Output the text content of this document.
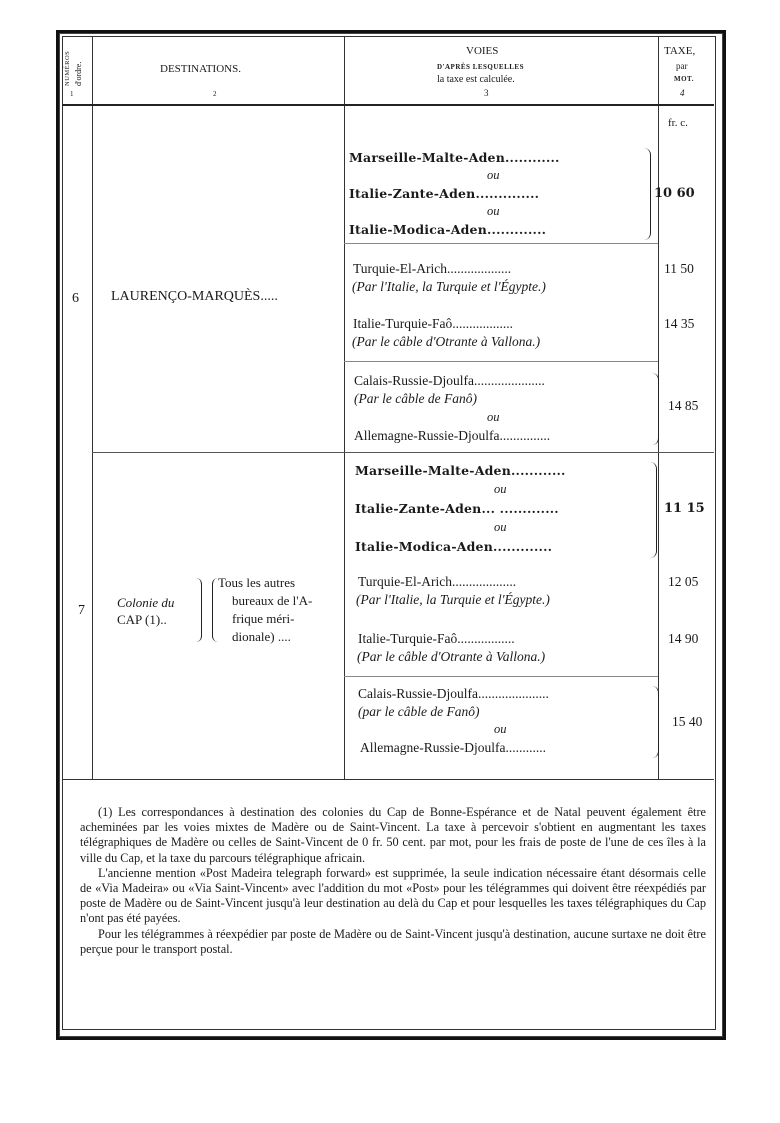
NUMÉROS d'ordre.
1
DESTINATIONS.
2
VOIES
D'APRÈS LESQUELLES
la taxe est calculée.
3
TAXE,
par
MOT.
4
fr. c.
6 LAURENÇO-MARQUÈS.....
Marseille-Malte-Aden............
ou
Italie-Zante-Aden..............
ou
Italie-Modica-Aden.............
10 60
Turquie-El-Arich...................
(Par l'Italie, la Turquie et l'Égypte.)
11 50
Italie-Turquie-Faô..................
(Par le câble d'Otrante à Vallona.)
14 35
Calais-Russie-Djoulfa.....................
(Par le câble de Fanô)
ou
Allemagne-Russie-Djoulfa...............
14 85
7
Colonie du
CAP (1)..
Tous les autres
bureaux de l'A-
frique méri-
dionale) ....
Marseille-Malte-Aden............
ou
Italie-Zante-Aden... .............
ou
Italie-Modica-Aden.............
11 15
Turquie-El-Arich...................
(Par l'Italie, la Turquie et l'Égypte.)
12 05
Italie-Turquie-Faô.................
(Par le câble d'Otrante à Vallona.)
14 90
Calais-Russie-Djoulfa.....................
(par le câble de Fanô)
ou
Allemagne-Russie-Djoulfa............
15 40

(1) Les correspondances à destination des colonies du Cap de Bonne-Espérance et de Natal peuvent également être acheminées par les voies mixtes de Madère ou de Saint-Vincent. La taxe à percevoir s'obtient en augmentant les taxes télégraphiques de Madère ou celles de Saint-Vincent de 0 fr. 50 cent. par mot, pour les frais de poste de l'une de ces îles à la ville du Cap, et la taxe du parcours télégraphique africain.

L'ancienne mention «Post Madeira telegraph forward» est supprimée, la seule indication nécessaire étant désormais celle de «Via Madeira» ou «Via Saint-Vincent» avec l'addition du mot «Post» pour les télégrammes qui doivent être réexpédiés par poste de Madère ou de Saint-Vincent jusqu'à leur destination au delà du Cap et pour lesquelles les taxes télégraphiques du Cap n'ont pas été payées.

Pour les télégrammes à réexpédier par poste de Madère ou de Saint-Vincent jusqu'à destination, aucune surtaxe ne doit être perçue pour le transport postal.
